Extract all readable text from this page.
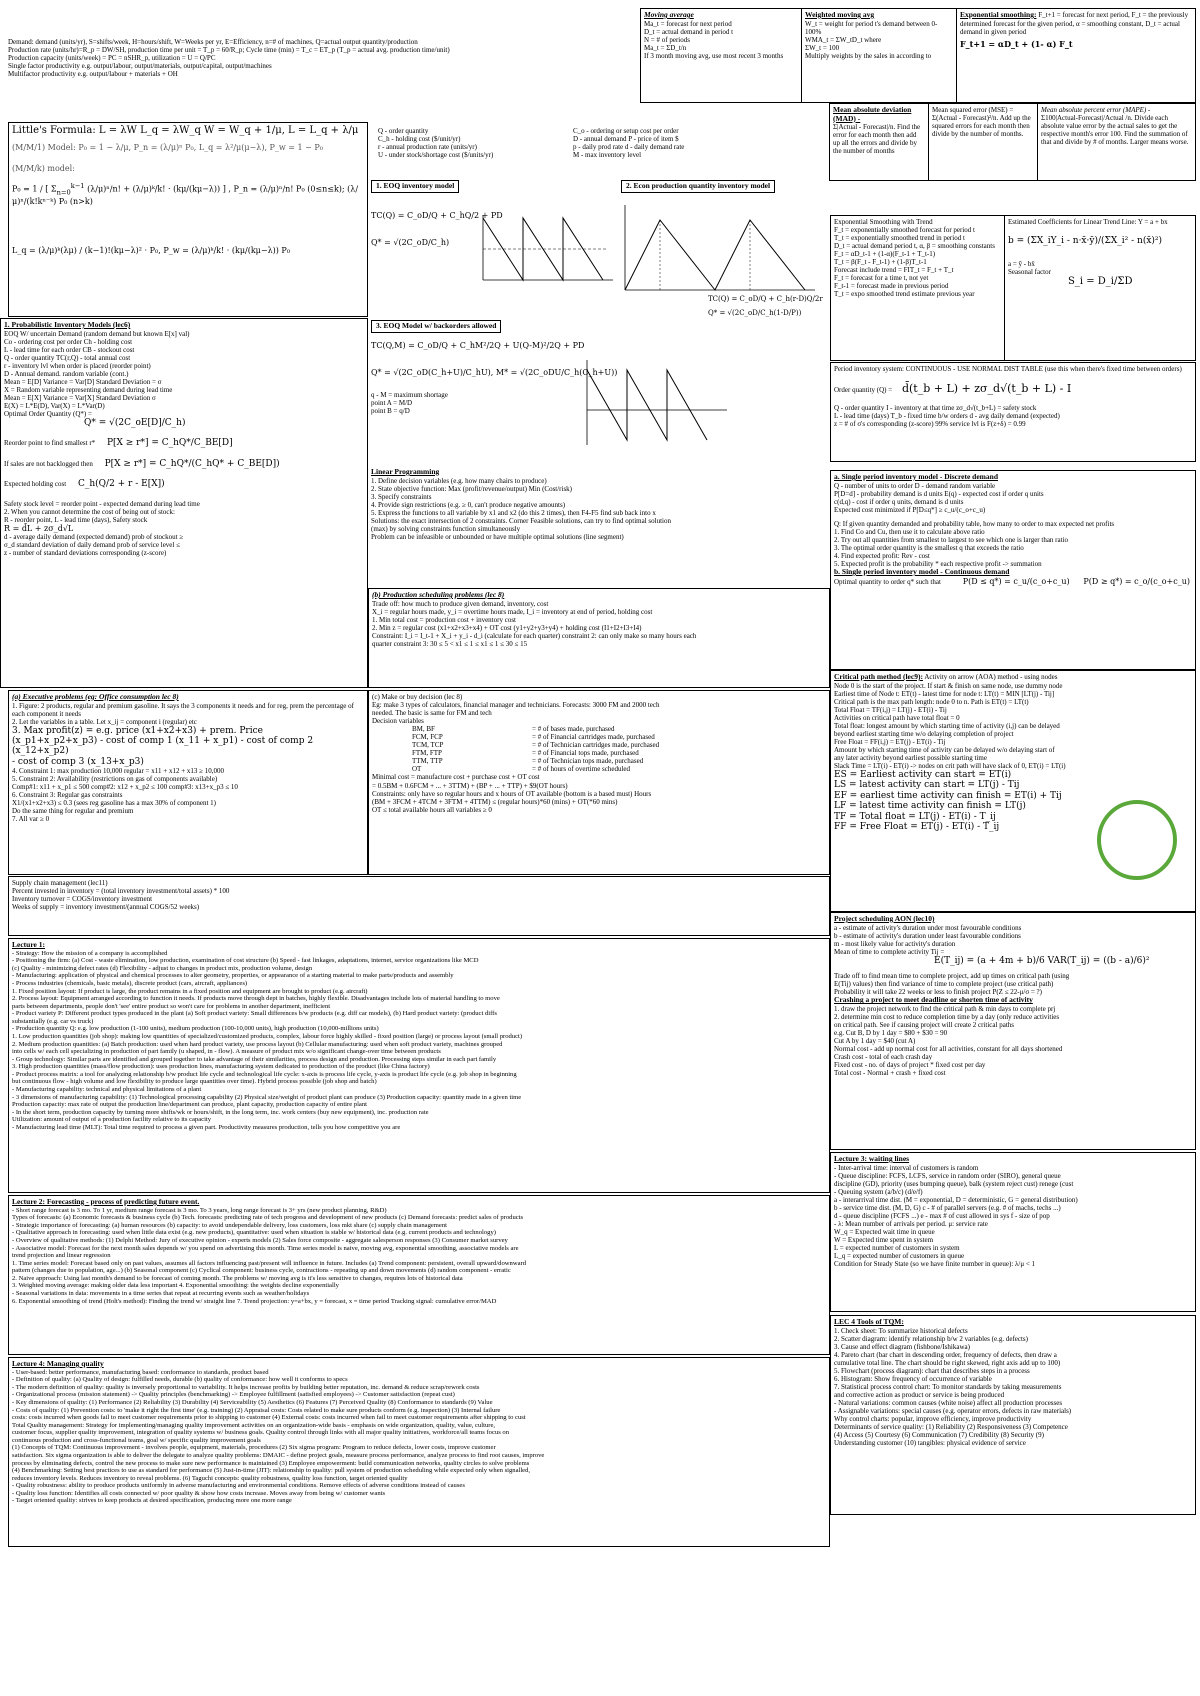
Demand: demand (units/yr), S=shifts/week, H=hours/shift, W=Weeks per yr, E=Efficiency, n=# of machines, Q=actual output quantity/production
Production rate (units/hr)=R_p = DW/SH, production time per unit = T_p = 60/R_p; Cycle time (min) = T_c = ET_p (T_p = actual avg. production time/unit)
Production capacity (units/week) = PC = nSHR_p, utilization = U = Q/PC
Single factor productivity e.g. output/labour, output/materials, output/capital, output/machines
Multifactor productivity e.g. output/labour + materials + OH
Moving average
Ma_t = forecast for next period
D_t = actual demand in period t
N = # of periods
Ma_t = ΣD_t/n
If 3 month moving avg, use most recent 3 months
Weighted moving avg
W_t = weight for period t's demand between 0-100%
WMA_t = ΣW_tD_t where
ΣW_t = 100
Multiply weights by the sales in according to
Exponential smoothing: F_t+1 = forecast for next period, F_t = the previously determined forecast for the given period, α = smoothing constant, D_t = actual demand in given period
F_t+1 = αD_t + (1- α) F_t
Mean absolute deviation (MAD) -
Σ|Actual - Forecast|/n. Find the error for each month then add up all the errors and divide by the number of months
Mean squared error (MSE) =
Σ(Actual - Forecast)²/n. Add up the squared errors for each month then divide by the number of months.
Mean absolute percent error (MAPE) -
Σ100|Actual-Forecast|/Actual /n. Divide each absolute value error by the actual sales to get the respective month's error 100. Find the summation of that and divide by # of months. Larger means worse.
Little's Formula: L = λW L_q = λW_q W = W_q + 1/μ, L = L_q + λ/μ
(M/M/1) Model: P₀ = 1 − λ/μ, P_n = (λ/μ)ⁿ P₀, L_q = λ²/μ(μ−λ), P_w = 1 − P₀
(M/M/k) model:
P₀ = 1 / [ $\Sigma_{n=0}^{k-1}$ (λ/μ)ⁿ/n! + (λ/μ)ᵏ/k! · (kμ/(kμ−λ)) ] , P_n = (λ/μ)ⁿ/n! P₀ (0≤n≤k); (λ/μ)ⁿ/(k!kⁿ⁻ᵏ) P₀ (n>k)
L_q = (λ/μ)ᵏ(λμ) / (k−1)!(kμ−λ)² · P₀, P_w = (λ/μ)ᵏ/k! · (kμ/(kμ−λ)) P₀
Q - order quantity
C_h - holding cost ($/unit/yr)
r - annual production rate (units/yr)
U - under stock/shortage cost ($/units/yr)
C_o - ordering or setup cost per order
D - annual demand P - price of item $
p - daily prod rate d - daily demand rate
M - max inventory level
1. EOQ inventory model
TC(Q) = C_oD/Q + C_hQ/2 + PD
Q* = √(2C_oD/C_h)
2. Econ production quantity inventory model
TC(Q) = C_oD/Q + C_h(r-D)Q/2r
Q* = √(2C_oD/C_h(1-D/P))
Exponential Smoothing with Trend
F_t = exponentially smoothed forecast for period t
T_t = exponentially smoothed trend in period t
D_t = actual demand period t, α, β = smoothing constants
F_t = αD_t-1 + (1-α)(F_t-1 + T_t-1)
T_t = β(F_t - F_t-1) + (1-β)T_t-1
Forecast include trend = FIT_t = F_t + T_t
F_t = forecast for a time t, not yet
F_t-1 = forecast made in previous period
T_t = expo smoothed trend estimate previous year
Estimated Coefficients for Linear Trend Line: Y = a + bx
b = (ΣX_iY_i - n·x̄·ȳ)/(ΣX_i² - n(x̄)²)
a = ȳ - bx̄
Seasonal factor
S_i = D_i/ΣD
1. Probabilistic Inventory Models (lec6)
EOQ W/ uncertain Demand (random demand but known E[x] val)
Co - ordering cost per order Ch - holding cost
L - lead time for each order CB - stockout cost
Q - order quantity TC(r,Q) - total annual cost
r - inventory lvl when order is placed (reorder point)
D - Annual demand. random variable (cont.)
Mean = E[D] Variance = Var[D] Standard Deviation = σ
X = Random variable representing demand during lead time
Mean = E[X] Variance = Var[X] Standard Deviation σ
E(X) = L*E(D), Var(X) = L*Var(D)
Optimal Order Quantity (Q*) =
Q* = √(2C_oE[D]/C_h)
Reorder point to find smallest r* P[X ≥ r*] = C_hQ*/C_BE[D]
If sales are not backlogged then P[X ≥ r*] = C_hQ*/(C_hQ* + C_BE[D])
Expected holding cost C_h(Q/2 + r - E[X])
Safety stock level = reorder point - expected demand during lead time
2. When you cannot determine the cost of being out of stock:
R - reorder point, L - lead time (days), Safety stock
R = d̄L + zσ_d√L
d - average daily demand (expected demand) prob of stockout ≥
σ_d standard deviation of daily demand prob of service level ≤
z - number of standard deviations corresponding (z-score)
3. EOQ Model w/ backorders allowed
TC(Q,M) = C_oD/Q + C_hM²/2Q + U(Q-M)²/2Q + PD
Q* = √(2C_oD(C_h+U)/C_hU), M* = √(2C_oDU/C_h(C_h+U))
q - M = maximum shortage
point A = M/D
point B = q/D
Period inventory system: CONTINUOUS - USE NORMAL DIST TABLE (use this when there's fixed time between orders)
Order quantity (Q) = d̄(t_b + L) + zσ_d√(t_b + L) - I
Q - order quantity I - inventory at that time zσ_d√(t_b+L) = safety stock
L - lead time (days) T_b - fixed time b/w orders d - avg daily demand (expected)
z = # of σ's corresponding (z-score) 99% service lvl is F(z+δ) = 0.99
Linear Programming
1. Define decision variables (e.g. how many chairs to produce)
2. State objective function: Max (profit/revenue/output) Min (Cost/risk)
3. Specify constraints
4. Provide sign restrictions (e.g. ≥ 0, can't produce negative amounts)
5. Express the functions to all variable by x1 and x2 (do this 2 times), then F4-F5 find sub back into x
Solutions: the exact intersection of 2 constraints. Corner Feasible solutions, can try to find optimal solution
(max) by solving constraints function simultaneously
Problem can be infeasible or unbounded or have multiple optimal solutions (line segment)
(b) Production scheduling problems (lec 8)
Trade off: how much to produce given demand, inventory, cost
X_i = regular hours made, y_i = overtime hours made, I_i = inventory at end of period, holding cost
1. Min total cost = production cost + inventory cost
2. Min z = regular cost (x1+x2+x3+x4) + OT cost (y1+y2+y3+y4) + holding cost (I1+I2+I3+I4)
Constraint: I_i = I_t-1 + X_i + y_i - d_i (calculate for each quarter) constraint 2: can only make so many hours each
quarter constraint 3: 30 ≤ 5 < x1 ≤ 1 ≤ x1 ≤ 1 ≤ 30 ≤ 15
a. Single period inventory model - Discrete demand
Q - number of units to order D - demand random variable
P[D=d] - probability demand is d units E(q) - expected cost if order q units
c(d,q) - cost if order q units, demand is d units
Expected cost minimized if P[D≤q*] ≥ c_u/(c_o+c_u)
Q: If given quantity demanded and probability table, how many to order to max expected net profits
1. Find Co and Cu, then use it to calculate above ratio
2. Try out all quantities from smallest to largest to see which one is larger than ratio
3. The optimal order quantity is the smallest q that exceeds the ratio
4. Find expected profit: Rev - cost
5. Expected profit is the probability * each respective profit -> summation
b. Single period inventory model - Continuous demand
Optimal quantity to order q* such that	P(D ≤ q*) = c_u/(c_o+c_u) P(D ≥ q*) = c_o/(c_o+c_u)
(a) Executive problems (eg: Office consumption lec 8)
1. Figure: 2 products, regular and premium gasoline. It says the 3 components it needs and for reg, prem the percentage of each component it needs
2. Let the variables in a table. Let x_ij = component i (regular) etc
3. Max profit(z) = e.g. price (x1+x2+x3) + prem. Price
(x_p1+x_p2+x_p3) - cost of comp 1 (x_11 + x_p1) - cost of comp 2 (x_12+x_p2)
- cost of comp 3 (x_13+x_p3)
4. Constraint 1: max production 10,000 regular = x11 + x12 + x13 ≥ 10,000
5. Constraint 2: Availability (restrictions on gas of components available)
Comp#1: x11 + x_p1 ≤ 500 comp#2: x12 + x_p2 ≤ 100 comp#3: x13+x_p3 ≤ 10
6. Constraint 3: Regular gas constraints
X1/(x1+x2+x3) ≤ 0.3 (sees reg gasoline has a max 30% of component 1)
Do the same thing for regular and premium
7. All var ≥ 0
(c) Make or buy decision (lec 8)
Eg: make 3 types of calculators, financial manager and technicians. Forecasts: 3000 FM and 2000 tech
needed. The basic is same for FM and tech
Decision variables
BM, BF	= # of bases made, purchased
FCM, FCP	= # of Financial cartridges made, purchased
TCM, TCP	= # of Technician cartridges made, purchased
FTM, FTP	= # of Financial tops made, purchased
TTM, TTP	= # of Technician tops made, purchased
OT	= # of hours of overtime scheduled
Minimal cost = manufacture cost + purchase cost + OT cost
= 0.5BM + 0.6FCM + ... + 3TTM) + (BP + ... + TTP) + $9(OT hours)
Constraints: only have so regular hours and x hours of OT available (bottom is a based must) Hours
(BM + 3FCM + 4TCM + 3FTM + 4TTM) ≤ (regular hours)*60 (mins) + OT(*60 mins)
OT ≤ total available hours all variables ≥ 0
Critical path method (lec9): Activity on arrow (AOA) method - using nodes
Node 0 is the start of the project. If start & finish on same node, use dummy node
Earliest time of Node t: ET(t) - latest time for node t: LT(t) = MIN [LT(j) - Tij]
Critical path is the max path length: node 0 to n. Path is ET(t) = LT(t)
Total Float = TF(i,j) = LT(j) - ET(i) - Tij
Activities on critical path have total float = 0
Total float: longest amount by which starting time of activity (i,j) can be delayed
beyond earliest starting time w/o delaying completion of project
Free Float = FF(i,j) = ET(j) - ET(i) - Tij
Amount by which starting time of activity can be delayed w/o delaying start of
any later activity beyond earliest possible starting time
Slack Time = LT(i) - ET(i) -> nodes on crit path will have slack of 0, ET(i) = LT(i)
ES = Earliest activity can start = ET(i)
LS = latest activity can start = LT(j) - Tij
EF = earliest time activity can finish = ET(i) + Tij
LF = latest time activity can finish = LT(j)
TF = Total float = LT(j) - ET(i) - T_ij
FF = Free Float = ET(j) - ET(i) - T_ij
Supply chain management (lec11)
Percent invested in inventory = (total inventory investment/total assets) * 100
Inventory turnover = COGS/inventory investment
Weeks of supply = inventory investment/(annual COGS/52 weeks)
Lecture 1:
- Strategy: How the mission of a company is accomplished
- Positioning the firm: (a) Cost - waste elimination, low production, examination of cost structure (b) Speed - fast linkages, adaptations, internet, service organizations like MCD
(c) Quality - minimizing defect rates (d) Flexibility - adjust to changes in product mix, production volume, design
- Manufacturing: application of physical and chemical processes to alter geometry, properties, or appearance of a starting material to make parts/products and assembly
- Process industries (chemicals, basic metals), discrete product (cars, aircraft, appliances)
1. Fixed position layout: If product is large, the product remains in a fixed position and equipment are brought to product (e.g. aircraft)
2. Process layout: Equipment arranged according to function it needs. If products move through dept in batches, highly flexible. Disadvantages include lots of material handling to move
parts between departments, people don't 'see' entire product so won't care for problems in another department, inefficient
- Product variety P: Different product types produced in the plant (a) Soft product variety: Small differences b/w products (e.g. diff car models), (b) Hard product variety: (product diffs
substantially (e.g. car vs truck)
- Production quantity Q: e.g. low production (1-100 units), medium production (100-10,000 units), high production (10,000-millions units)
1. Low production quantities (job shop): making low quantities of specialized/customized products, complex, labour force highly skilled - fixed position (large) or process layout (small product)
2. Medium production quantities: (a) Batch production: used when hard product variety, use process layout (b) Cellular manufacturing: used when soft product variety, machines grouped
into cells w/ each cell specializing in production of part family (u shaped, in - flow). A measure of product mix w/o significant change-over time between products
- Group technology: Similar parts are identified and grouped together to take advantage of their similarities, process design and production. Processing steps similar in each part family
3. High production quantities (mass/flow production): uses production lines, manufacturing system dedicated to production of the product (like China factory)
- Product process matrix: a tool for analyzing relationship b/w product life cycle and technological life cycle: x-axis is process life cycle, y-axis is product life cycle (e.g. job shop in beginning
but continuous flow - high volume and low flexibility to produce large quantities over time). Hybrid process possible (job shop and batch)
- Manufacturing capability: technical and physical limitations of a plant
- 3 dimensions of manufacturing capability: (1) Technological processing capability (2) Physical size/weight of product plant can produce (3) Production capacity: quantity made in a given time
Production capacity: max rate of output the production line/department can produce, plant capacity, production capacity of entire plant
- In the short term, production capacity by turning more shifts/wk or hours/shift, in the long term, inc. work centers (buy new equipment), inc. production rate
Utilization: amount of output of a production facility relative to its capacity
- Manufacturing lead time (MLT): Total time required to process a given part. Productivity measures production, tells you how competitive you are
Lecture 2: Forecasting - process of predicting future event.
- Short range forecast is 3 mo. To 1 yr, medium range forecast is 3 mo. To 3 years, long range forecast is 3+ yrs (new product planning, R&D)
Types of forecasts: (a) Economic forecasts & business cycle (b) Tech. forecasts: predicting rate of tech progress and development of new products (c) Demand forecasts: predict sales of products
- Strategic importance of forecasting: (a) human resources (b) capacity: to avoid undependable delivery, loss customers, loss mkt share (c) supply chain management
- Qualitative approach in forecasting: used when little data exist (e.g. new products), quantitative: used when situation is stable w/ historical data (e.g. current products and technology)
- Overview of qualitative methods: (1) Delphi Method: Jury of executive opinion - experts models (2) Sales force composite - aggregate salesperson responses (3) Consumer market survey
- Associative model: Forecast for the next month sales depends w/ you spend on advertising this month. Time series model is naive, moving avg, exponential smoothing, associative models are
trend projection and linear regression
1. Time series model: Forecast based only on past values, assumes all factors influencing past/present will influence in future. Includes (a) Trend component: persistent, overall upward/downward
pattern (changes due to population, age...) (b) Seasonal component (c) Cyclical component: business cycle, contractions - repeating up and down movements (d) random component - erratic
2. Naive approach: Using last month's demand to be forecast of coming month. The problems w/ moving avg is it's less sensitive to changes, requires lots of historical data
3. Weighted moving average: making older data less important 4. Exponential smoothing: the weights decline exponentially
- Seasonal variations in data: movements in a time series that repeat at recurring events such as weather/holidays
6. Exponential smoothing of trend (Holt's method): Finding the trend w/ straight line 7. Trend projection: y=a+bx, y = forecast, x = time period Tracking signal: cumulative error/MAD
Lecture 4: Managing quality
- User-based: better performance, manufacturing based: conformance to standards, product based
- Definition of quality: (a) Quality of design: fulfilled needs, durable (b) quality of conformance: how well it conforms to specs
- The modern definition of quality: quality is inversely proportional to variability. It helps increase profits by building better reputation, inc. demand & reduce scrap/rework costs
- Organizational process (mission statement) -> Quality principles (benchmarking) -> Employee fulfillment (satisfied employees) -> Customer satisfaction (repeat cust)
- Key dimensions of quality: (1) Performance (2) Reliability (3) Durability (4) Serviceability (5) Aesthetics (6) Features (7) Perceived Quality (8) Conformance to standards (9) Value
- Costs of quality: (1) Prevention costs: to 'make it right the first time' (e.g. training) (2) Appraisal costs: Costs related to make sure products conform (e.g. inspection) (3) Internal failure
costs: costs incurred when goods fail to meet customer requirements prior to shipping to customer (4) External costs: costs incurred when fail to meet customer requirements after shipping to cust
Total Quality management: Strategy for implementing/managing quality improvement activities on an organization-wide basis - emphasis on wide organization, quality, value, culture,
customer focus, supplier quality improvement, integration of quality systems w/ business goals. Quality control through links with all major quality initiatives, workforce/all teams focus on
continuous production and cross-functional teams, goal w/ specific quality improvement goals
(1) Concepts of TQM: Continuous improvement - involves people, equipment, materials, procedures (2) Six sigma program: Program to reduce defects, lower costs, improve customer
satisfaction. Six sigma organization is able to deliver the delegate to analyze quality problems: DMAIC - define project goals, measure process performance, analyze process to find root causes, improve
process by eliminating defects, control the new process to make sure new performance is maintained (3) Employee empowerment: build communication networks, quality circles to solve problems
(4) Benchmarking: Setting best practices to use as standard for performance (5) Just-in-time (JIT): relationship to quality: pull system of production scheduling while expected only when signalled,
reduces inventory levels. Reduces inventory to reveal problems. (6) Taguchi concepts: quality robustness, quality loss function, target oriented quality
- Quality robustness: ability to produce products uniformly in adverse manufacturing and environmental conditions. Remove effects of adverse conditions instead of causes
- Quality loss function: Identifies all costs connected w/ poor quality & show how costs increase. Moves away from being w/ customer wants
- Target oriented quality: strives to keep products at desired specification, producing more one more range
Project scheduling AON (lec10)
a - estimate of activity's duration under most favourable conditions
b - estimate of activity's duration under least favourable conditions
m - most likely value for activity's duration
Mean of time to complete activity Tij =
E(T_ij) = (a + 4m + b)/6 VAR(T_ij) = ((b - a)/6)²
Trade off to find mean time to complete project, add up times on critical path (using
E(Tij) values) then find variance of time to complete project (use critical path)
Probability it will take 22 weeks or less to finish project P(Z ≤ 22-μ/σ = ?)
Crashing a project to meet deadline or shorten time of activity
1. draw the project network to find the critical path & min days to complete prj
2. determine min cost to reduce completion time by a day (only reduce activities
on critical path. See if causing project will create 2 critical paths
e.g. Cut B, D by 1 day = $80 + $30 = 90
Cut A by 1 day = $40 (cut A)
Normal cost - add up normal cost for all activities, constant for all days shortened
Crash cost - total of each crash day
Fixed cost - no. of days of project * fixed cost per day
Total cost - Normal + crash + fixed cost
Lecture 3: waiting lines
- Inter-arrival time: interval of customers is random
- Queue discipline: FCFS, LCFS, service in random order (SIRO), general queue
discipline (GD), priority (uses bumping queue), balk (system reject cust) renege (cust
- Queuing system (a/b/c) (d/e/f)
a - interarrival time dist. (M = exponential, D = deterministic, G = general distribution)
b - service time dist. (M, D, G) c - # of parallel servers (e.g. # of machs, techs ...)
d - queue discipline (FCFS ...) e - max # of cust allowed in sys f - size of pop
- λ: Mean number of arrivals per period. μ: service rate
W_q = Expected wait time in queue
W = Expected time spent in system
L = expected number of customers in system
L_q = expected number of customers in queue
Condition for Steady State (so we have finite number in queue): λ/μ < 1
LEC 4 Tools of TQM:
1. Check sheet: To summarize historical defects
2. Scatter diagram: identify relationship b/w 2 variables (e.g. defects)
3. Cause and effect diagram (fishbone/Ishikawa)
4. Pareto chart (bar chart in descending order, frequency of defects, then draw a
cumulative total line. The chart should be right skewed, right axis add up to 100)
5. Flowchart (process diagram): chart that describes steps in a process
6. Histogram: Show frequency of occurrence of variable
7. Statistical process control chart: To monitor standards by taking measurements
and corrective action as product or service is being produced
- Natural variations: common causes (white noise) affect all production processes
- Assignable variations: special causes (e.g. operator errors, defects in raw materials)
Why control charts: popular, improve efficiency, improve productivity
Determinants of service quality: (1) Reliability (2) Responsiveness (3) Competence
(4) Access (5) Courtesy (6) Communication (7) Credibility (8) Security (9)
Understanding customer (10) tangibles: physical evidence of service
